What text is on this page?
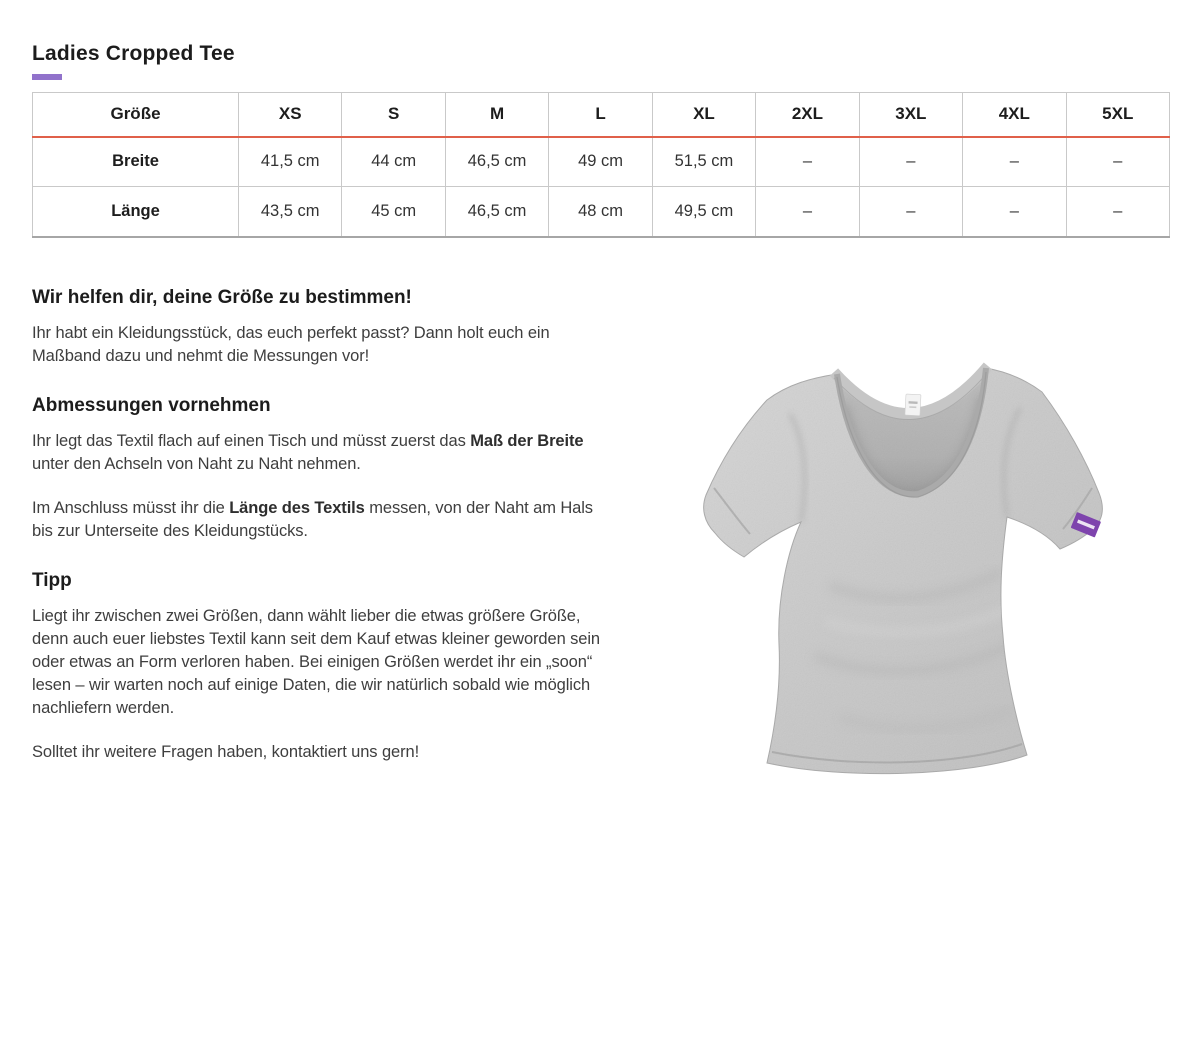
Ladies Cropped Tee
Größe	XS	S	M	L	XL	2XL	3XL	4XL	5XL
Breite	41,5 cm	44 cm	46,5 cm	49 cm	51,5 cm	–	–	–	–
Länge	43,5 cm	45 cm	46,5 cm	48 cm	49,5 cm	–	–	–	–
Wir helfen dir, deine Größe zu bestimmen!

Ihr habt ein Kleidungsstück, das euch perfekt passt? Dann holt euch ein Maßband dazu und nehmt die Messungen vor!

Abmessungen vornehmen

Ihr legt das Textil flach auf einen Tisch und müsst zuerst das Maß der Breite unter den Achseln von Naht zu Naht nehmen.

Im Anschluss müsst ihr die Länge des Textils messen, von der Naht am Hals bis zur Unterseite des Kleidungstücks.

Tipp

Liegt ihr zwischen zwei Größen, dann wählt lieber die etwas größere Größe, denn auch euer liebstes Textil kann seit dem Kauf etwas kleiner geworden sein oder etwas an Form verloren haben. Bei einigen Größen werdet ihr ein „soon“ lesen – wir warten noch auf einige Daten, die wir natürlich sobald wie möglich nachliefern werden.

Solltet ihr weitere Fragen haben, kontaktiert uns gern!
